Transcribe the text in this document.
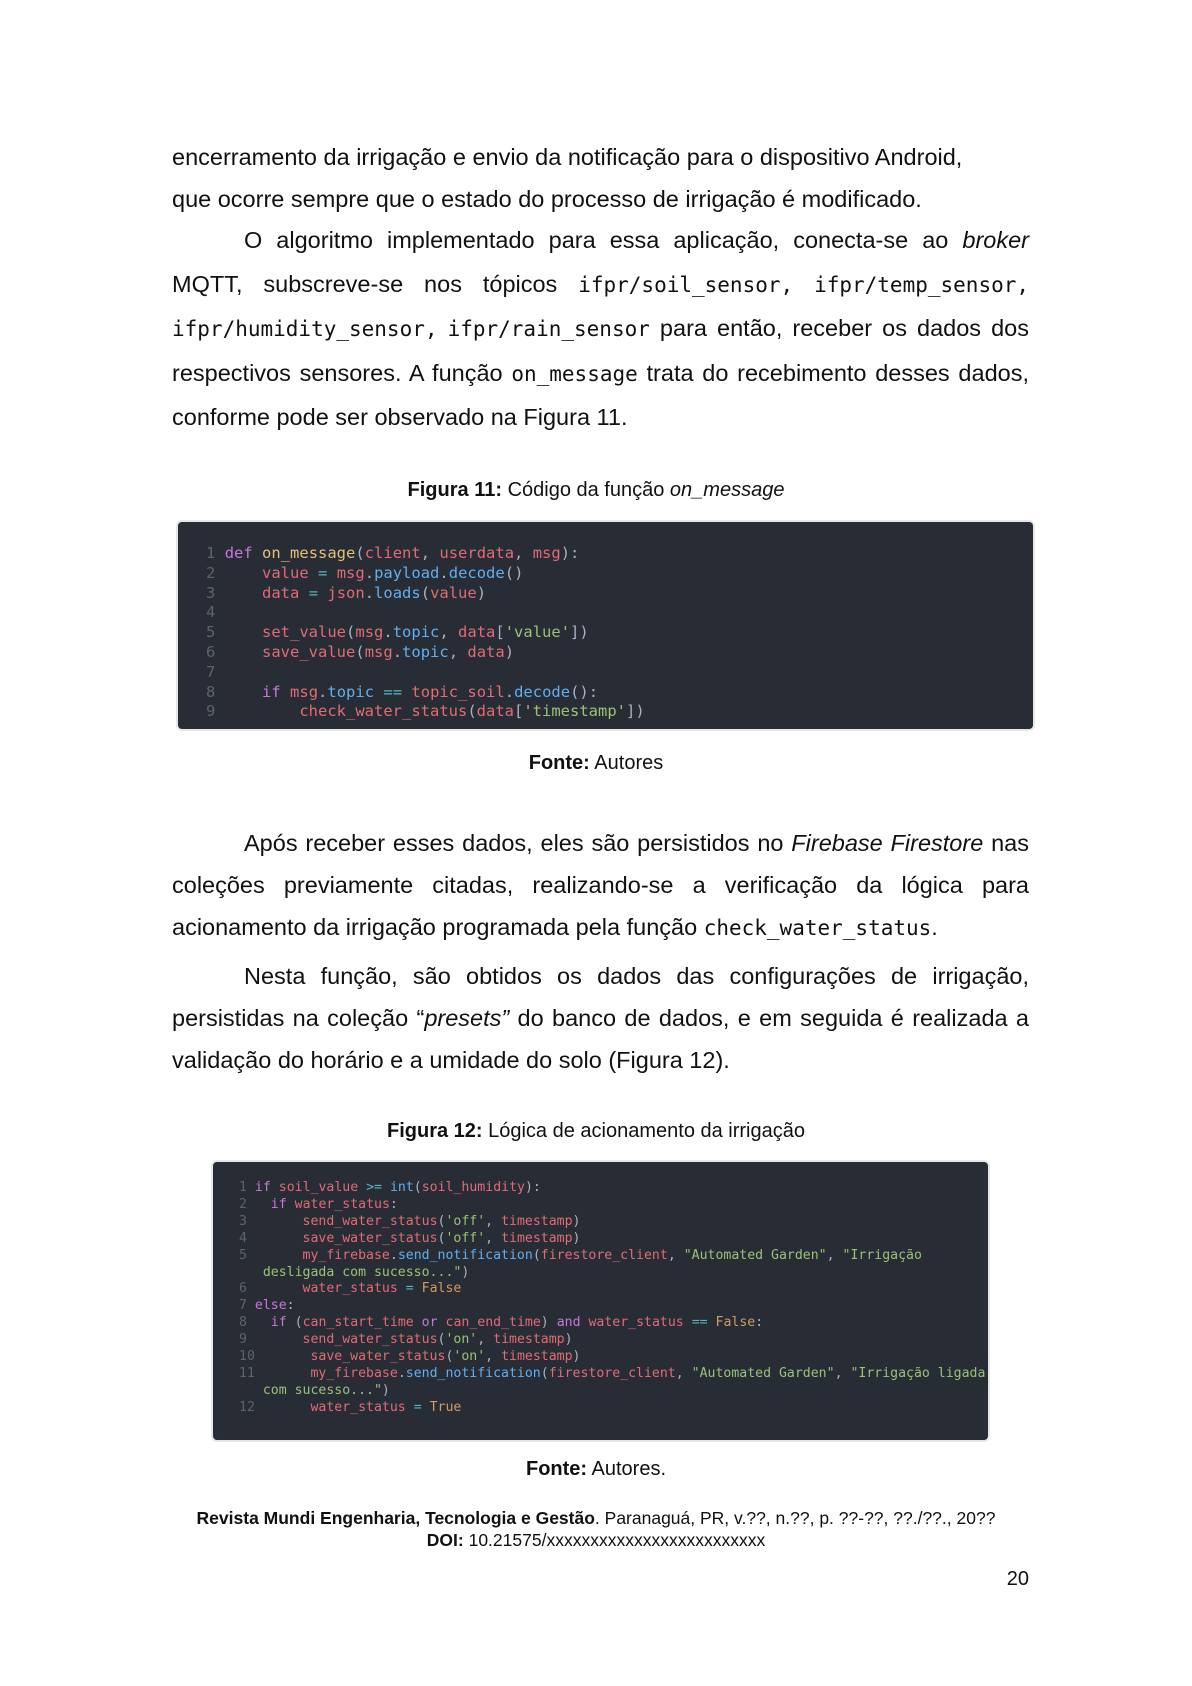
encerramento da irrigação e envio da notificação para o dispositivo Android,
que ocorre sempre que o estado do processo de irrigação é modificado.

O algoritmo implementado para essa aplicação, conecta-se ao broker MQTT, subscreve-se nos tópicos ifpr/soil_sensor, ifpr/temp_sensor, ifpr/humidity_sensor, ifpr/rain_sensor para então, receber os dados dos respectivos sensores. A função on_message trata do recebimento desses dados, conforme pode ser observado na Figura 11.

Figura 11: Código da função on_message

1 def on_message(client, userdata, msg):
2	value = msg.payload.decode()
3	data = json.loads(value)
4
5	set_value(msg.topic, data['value'])
6	save_value(msg.topic, data)
7
8	if msg.topic == topic_soil.decode():
9	check_water_status(data['timestamp'])

Fonte: Autores

Após receber esses dados, eles são persistidos no Firebase Firestore nas coleções previamente citadas, realizando-se a verificação da lógica para acionamento da irrigação programada pela função check_water_status.

Nesta função, são obtidos os dados das configurações de irrigação, persistidas na coleção “presets” do banco de dados, e em seguida é realizada a validação do horário e a umidade do solo (Figura 12).

Figura 12: Lógica de acionamento da irrigação

1 if soil_value >= int(soil_humidity):
2 if water_status:
3	send_water_status('off', timestamp)
4	save_water_status('off', timestamp)
5	my_firebase.send_notification(firestore_client, "Automated Garden", "Irrigação
desligada com sucesso...")
6	water_status = False
7 else:
8 if (can_start_time or can_end_time) and water_status == False:
9	send_water_status('on', timestamp)
10	save_water_status('on', timestamp)
11	my_firebase.send_notification(firestore_client, "Automated Garden", "Irrigação ligada
com sucesso...")
12	water_status = True

Fonte: Autores.

Revista Mundi Engenharia, Tecnologia e Gestão. Paranaguá, PR, v.??, n.??, p. ??-??, ??./??., 20??

DOI: 10.21575/xxxxxxxxxxxxxxxxxxxxxxxxx

20
